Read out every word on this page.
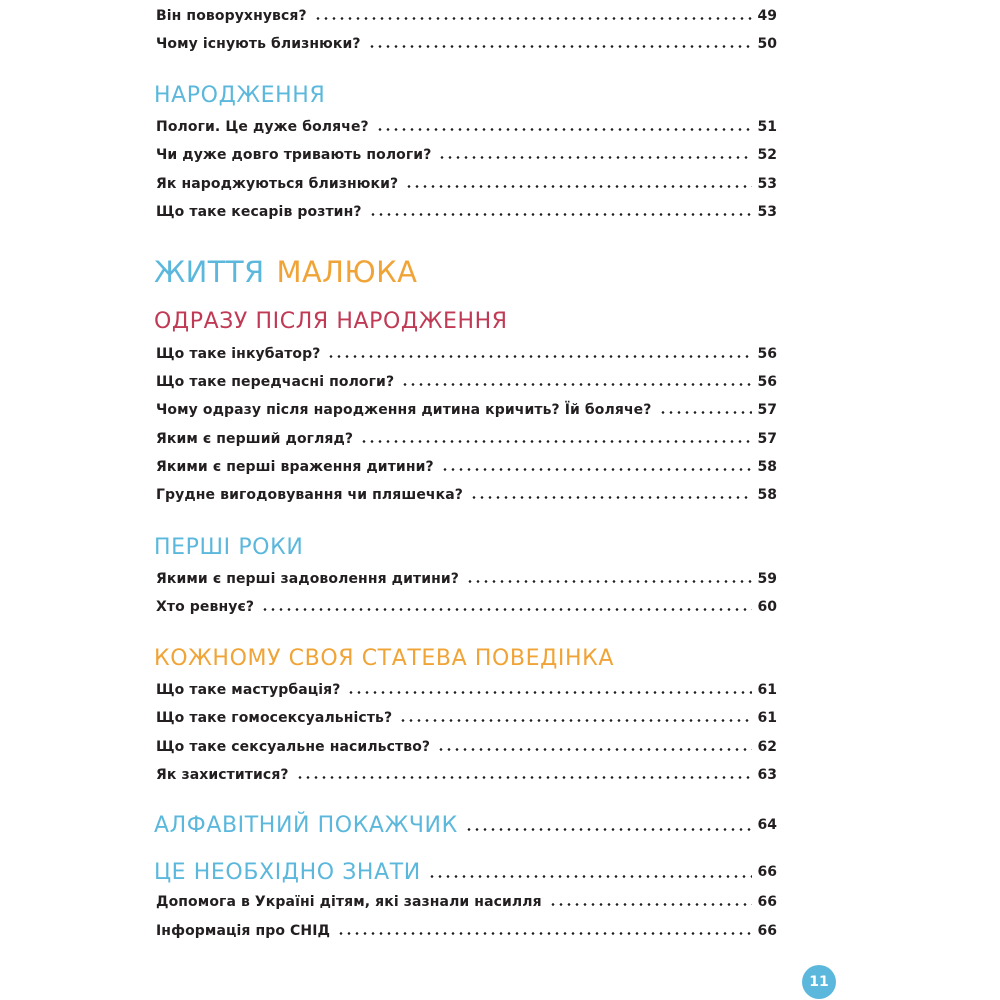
Він поворухнувся?	49
Чому існують близнюки?	50
НАРОДЖЕННЯ
Пологи. Це дуже боляче?	51
Чи дуже довго тривають пологи?	52
Як народжуються близнюки?	53
Що таке кесарів розтин?	53
ЖИТТЯ МАЛЮКА
ОДРАЗУ ПІСЛЯ НАРОДЖЕННЯ
Що таке інкубатор?	56
Що таке передчасні пологи?	56
Чому одразу після народження дитина кричить? Їй боляче?	57
Яким є перший догляд?	57
Якими є перші враження дитини?	58
Грудне вигодовування чи пляшечка?	58
ПЕРШІ РОКИ
Якими є перші задоволення дитини?	59
Хто ревнує?	60
КОЖНОМУ СВОЯ СТАТЕВА ПОВЕДІНКА
Що таке мастурбація?	61
Що таке гомосексуальність?	61
Що таке сексуальне насильство?	62
Як захиститися?	63
АЛФАВІТНИЙ ПОКАЖЧИК	64
ЦЕ НЕОБХІДНО ЗНАТИ	66
Допомога в Україні дітям, які зазнали насилля	66
Інформація про СНІД	66
11
